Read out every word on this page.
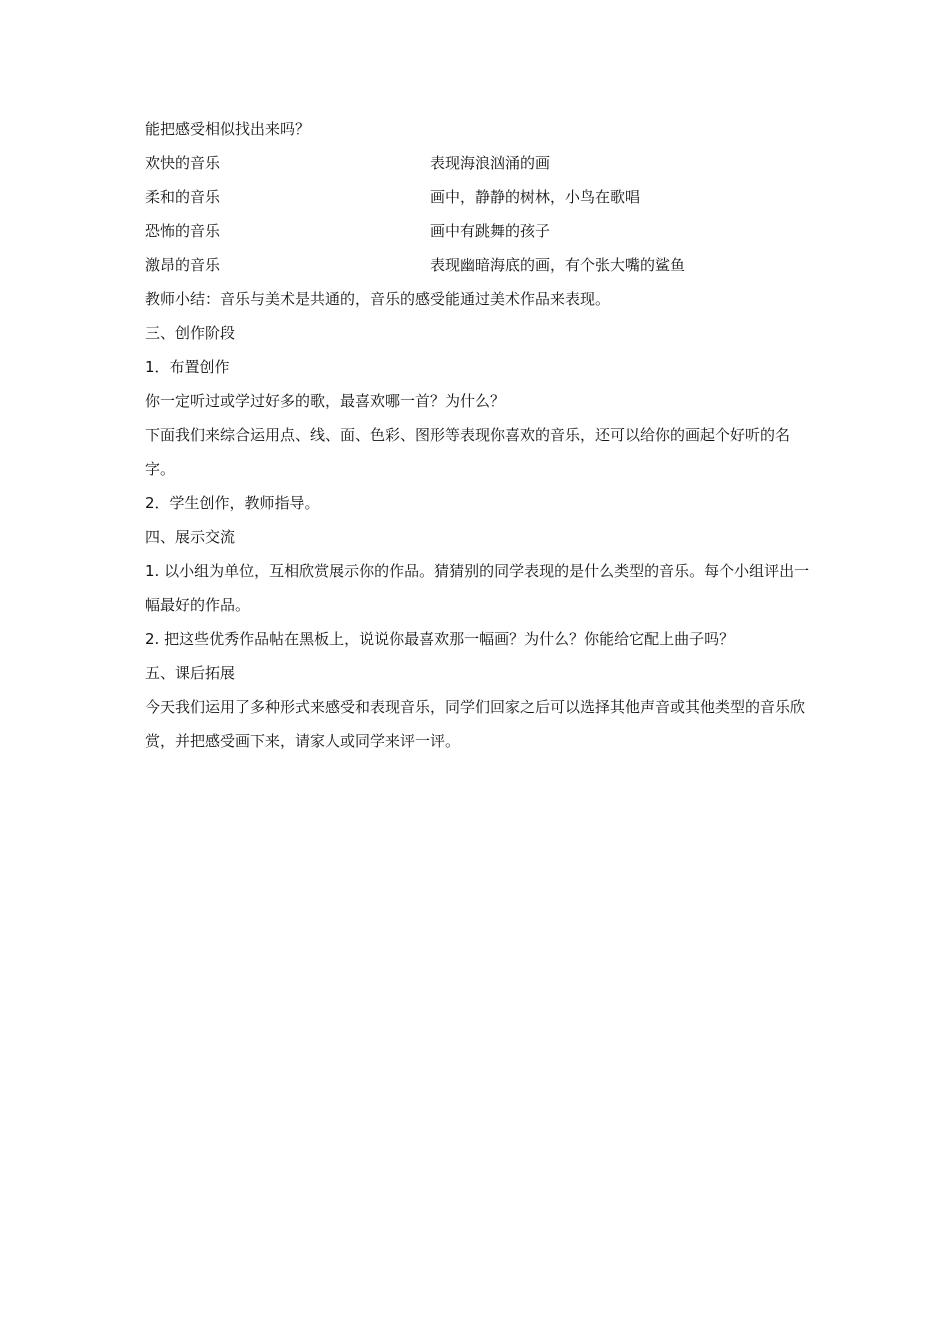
能把感受相似找出来吗？
欢快的音乐	表现海浪汹涌的画
柔和的音乐	画中，静静的树林，小鸟在歌唱
恐怖的音乐	画中有跳舞的孩子
激昂的音乐	表现幽暗海底的画，有个张大嘴的鲨鱼
教师小结：音乐与美术是共通的，音乐的感受能通过美术作品来表现。
三、创作阶段
1．布置创作
你一定听过或学过好多的歌，最喜欢哪一首？为什么？
下面我们来综合运用点、线、面、色彩、图形等表现你喜欢的音乐，还可以给你的画起个好听的名字。
2．学生创作，教师指导。
四、展示交流
1. 以小组为单位，互相欣赏展示你的作品。猜猜别的同学表现的是什么类型的音乐。每个小组评出一幅最好的作品。
2. 把这些优秀作品帖在黑板上，说说你最喜欢那一幅画？为什么？你能给它配上曲子吗？
五、课后拓展
今天我们运用了多种形式来感受和表现音乐，同学们回家之后可以选择其他声音或其他类型的音乐欣赏，并把感受画下来，请家人或同学来评一评。
